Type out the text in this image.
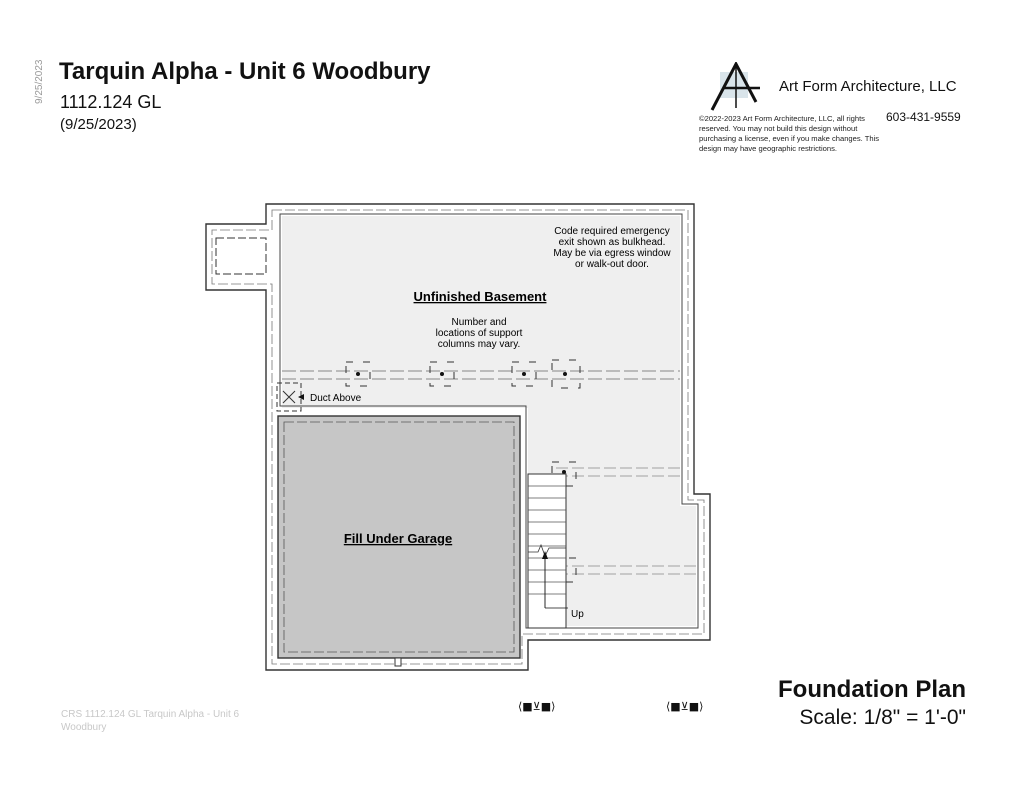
9/25/2023 Tarquin Alpha - Unit 6 Woodbury
1112.124 GL
(9/25/2023)
Art Form Architecture, LLC
603-431-9559
©2022-2023 Art Form Architecture, LLC, all rights reserved. You may not build this design without purchasing a license, even if you make changes. This design may have geographic restrictions.
Unfinished Basement
Fill Under Garage
Code required emergency
exit shown as bulkhead.
May be via egress window
or walk-out door.
Number and
locations of support
columns may vary.
Duct Above
Up
⟨■⊻■⟩	⟨■⊻■⟩
Foundation Plan
Scale: 1/8" = 1'-0"
CRS 1112.124 GL Tarquin Alpha - Unit 6 Woodbury
